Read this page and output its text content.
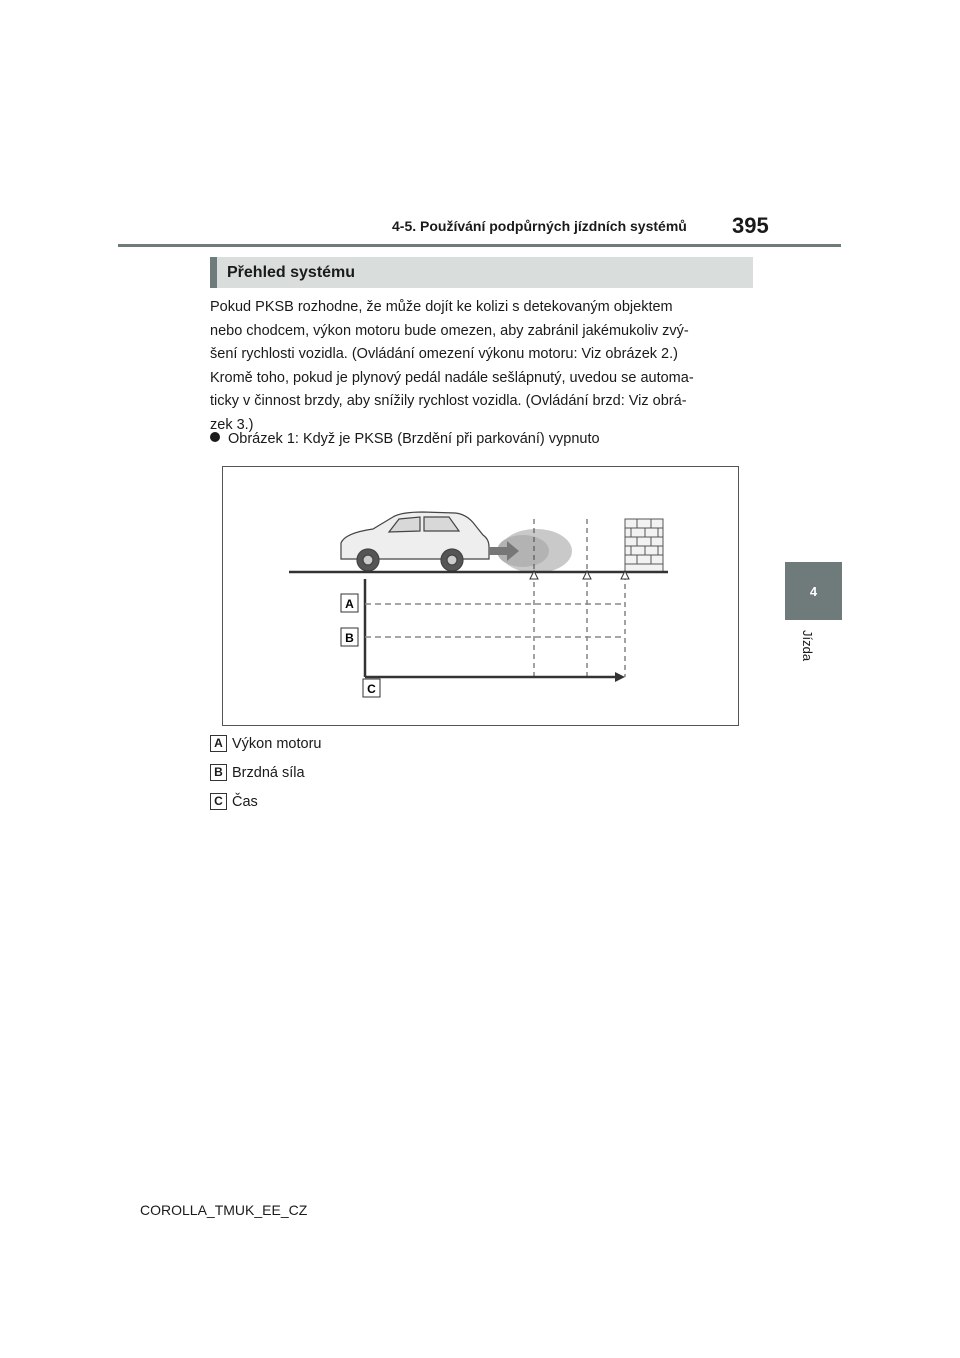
4-5. Používání podpůrných jízdních systémů 395
4
Jízda
Přehled systému
Pokud PKSB rozhodne, že může dojít ke kolizi s detekovaným objektem
nebo chodcem, výkon motoru bude omezen, aby zabránil jakémukoliv zvý-
šení rychlosti vozidla. (Ovládání omezení výkonu motoru: Viz obrázek 2.)
Kromě toho, pokud je plynový pedál nadále sešlápnutý, uvedou se automa-
ticky v činnost brzdy, aby snížily rychlost vozidla. (Ovládání brzd: Viz obrá-
zek 3.)
Obrázek 1: Když je PKSB (Brzdění při parkování) vypnuto
A
B
C
A Výkon motoru
B Brzdná síla
C Čas
COROLLA_TMUK_EE_CZ
